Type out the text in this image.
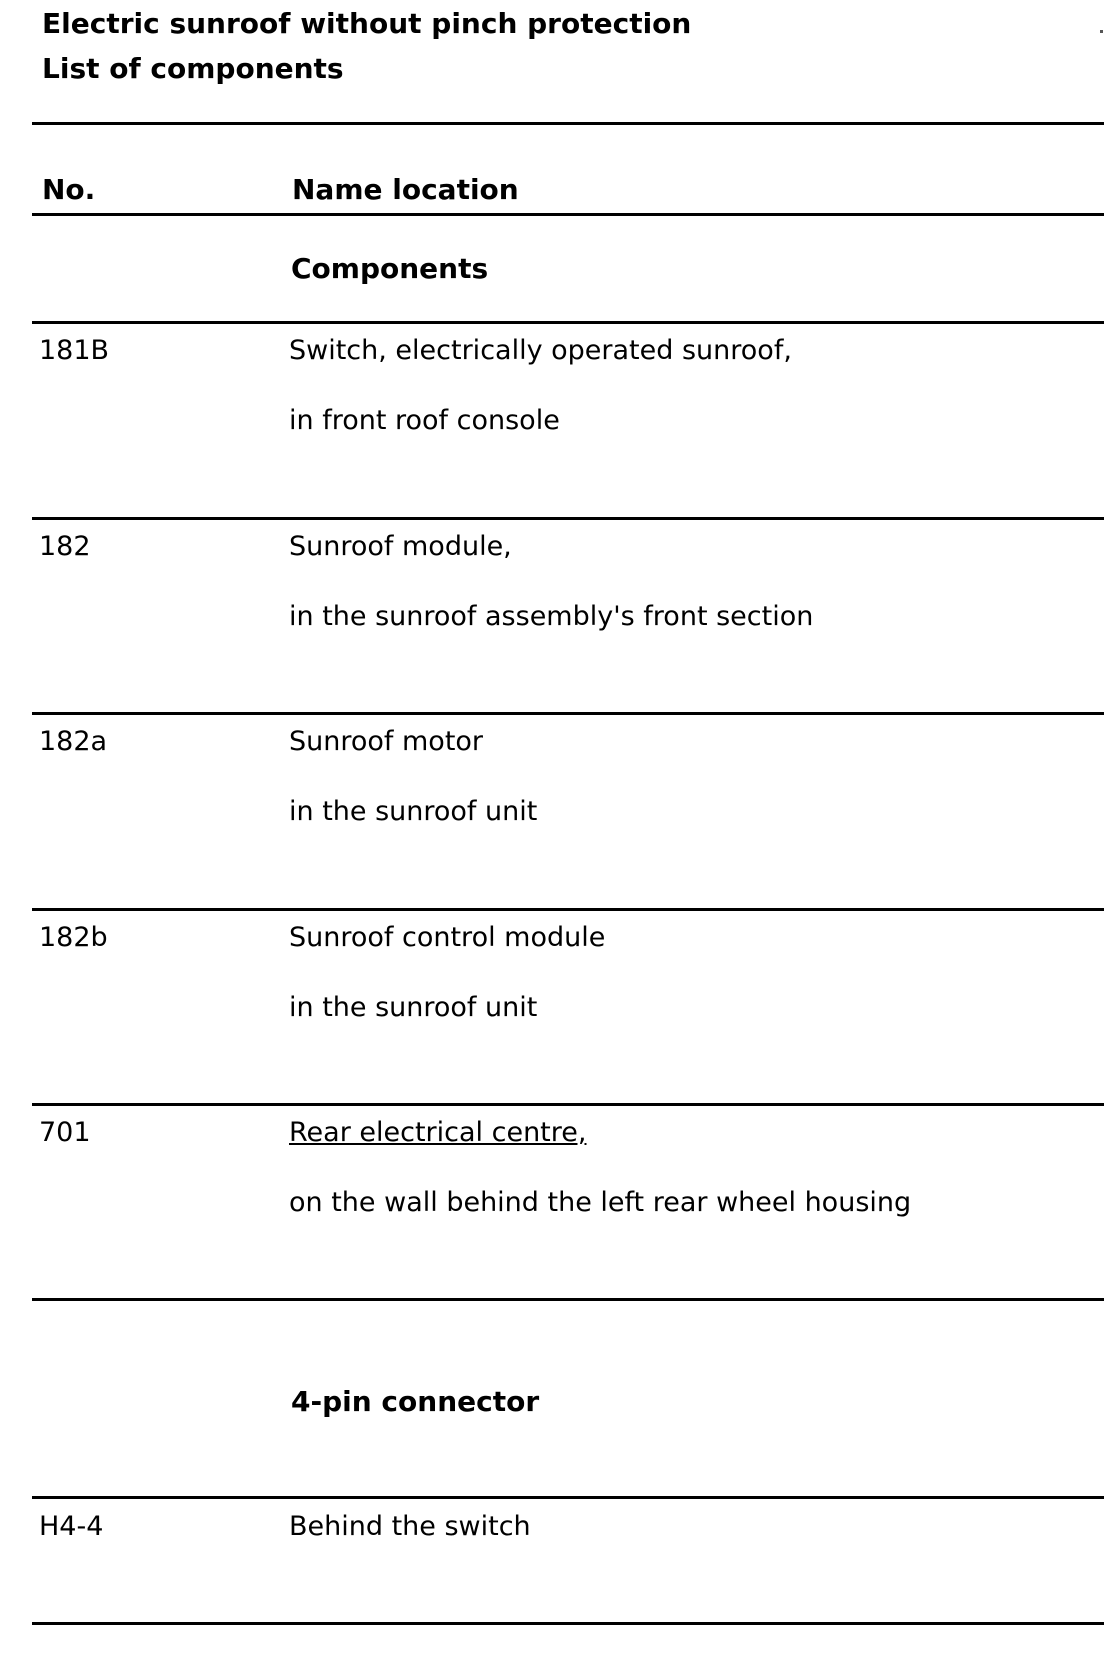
Electric sunroof without pinch protection
List of components
No.	Name location
Components
181B	Switch, electrically operated sunroof,
in front roof console
182	Sunroof module,
in the sunroof assembly's front section
182a	Sunroof motor
in the sunroof unit
182b	Sunroof control module
in the sunroof unit
701	Rear electrical centre,
on the wall behind the left rear wheel housing
4-pin connector
H4-4	Behind the switch
